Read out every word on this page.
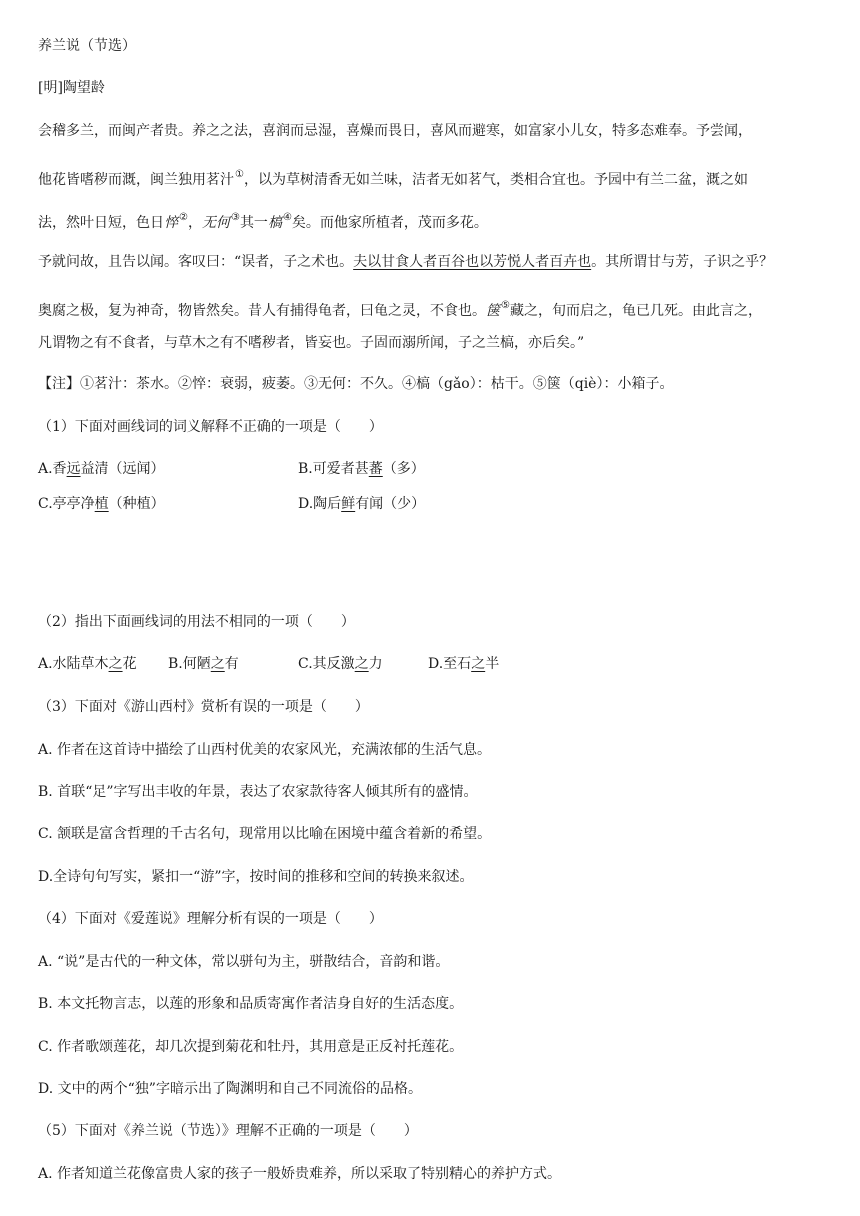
养兰说（节选）
[明]陶望龄
会稽多兰，而闽产者贵。养之之法，喜润而忌湿，喜燥而畏日，喜风而避寒，如富家小儿女，特多态难奉。予尝闻，
他花皆嗜秽而溉，闽兰独用茗汁①，以为草树清香无如兰味，洁者无如茗气，类相合宜也。予园中有兰二盆，溉之如
法，然叶日短，色日悴②，无何③其一槁④矣。而他家所植者，茂而多花。
予就问故，且告以闻。客叹曰：“误者，子之术也。夫以甘食人者百谷也以芳悦人者百卉也。其所谓甘与芳，子识之乎？
奥腐之极，复为神奇，物皆然矣。昔人有捕得龟者，曰龟之灵，不食也。箧⑤藏之，旬而启之，龟已几死。由此言之，
凡谓物之有不食者，与草木之有不嗜秽者，皆妄也。子固而溺所闻，子之兰槁，亦后矣。”
【注】①茗汁：茶水。②悴：衰弱，疲萎。③无何：不久。④槁（gǎo）：枯干。⑤箧（qiè）：小箱子。
（1）下面对画线词的词义解释不正确的一项是（　　）
A.香远益清（远闻）	B.可爱者甚蕃（多）
C.亭亭净植（种植）	D.陶后鲜有闻（少）
（2）指出下面画线词的用法不相同的一项（　　）
A.水陆草木之花 B.何陋之有	C.其反激之力	D.至石之半
（3）下面对《游山西村》赏析有误的一项是（　　）
A. 作者在这首诗中描绘了山西村优美的农家风光，充满浓郁的生活气息。
B. 首联“足”字写出丰收的年景，表达了农家款待客人倾其所有的盛情。
C. 颔联是富含哲理的千古名句，现常用以比喻在困境中蕴含着新的希望。
D.全诗句句写实，紧扣一“游”字，按时间的推移和空间的转换来叙述。
（4）下面对《爱莲说》理解分析有误的一项是（　　）
A. “说”是古代的一种文体，常以骈句为主，骈散结合，音韵和谐。
B. 本文托物言志，以莲的形象和品质寄寓作者洁身自好的生活态度。
C. 作者歌颂莲花，却几次提到菊花和牡丹，其用意是正反衬托莲花。
D. 文中的两个“独”字暗示出了陶渊明和自己不同流俗的品格。
（5）下面对《养兰说（节选）》理解不正确的一项是（　　）
A. 作者知道兰花像富贵人家的孩子一般娇贵难养，所以采取了特别精心的养护方式。
